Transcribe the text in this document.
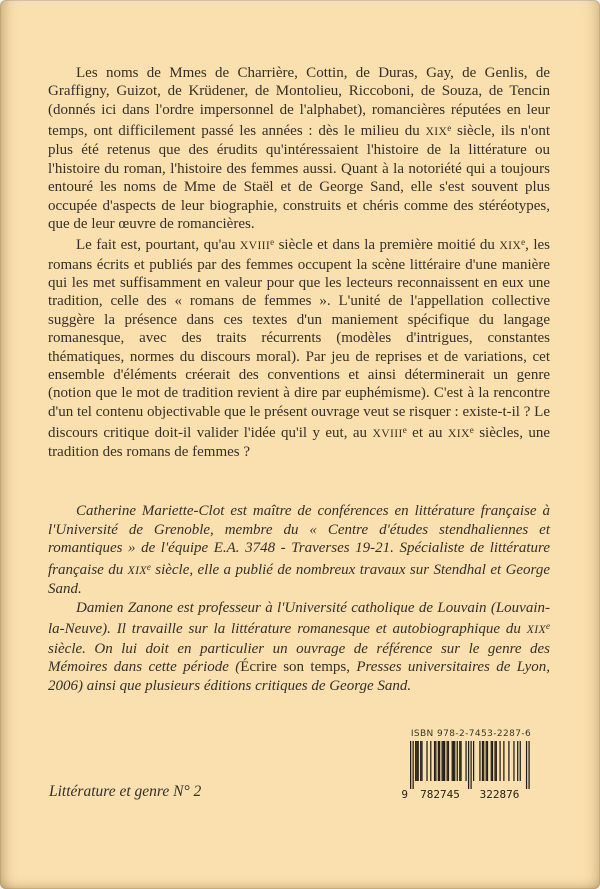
Les noms de Mmes de Charrière, Cottin, de Duras, Gay, de Genlis, de Graffigny, Guizot, de Krüdener, de Montolieu, Riccoboni, de Souza, de Tencin (donnés ici dans l'ordre impersonnel de l'alphabet), romancières réputées en leur temps, ont difficilement passé les années : dès le milieu du XIXe siècle, ils n'ont plus été retenus que des érudits qu'intéressaient l'histoire de la littérature ou l'histoire du roman, l'histoire des femmes aussi. Quant à la notoriété qui a toujours entouré les noms de Mme de Staël et de George Sand, elle s'est souvent plus occupée d'aspects de leur biographie, construits et chéris comme des stéréotypes, que de leur œuvre de romancières.

Le fait est, pourtant, qu'au XVIIIe siècle et dans la première moitié du XIXe, les romans écrits et publiés par des femmes occupent la scène littéraire d'une manière qui les met suffisamment en valeur pour que les lecteurs reconnaissent en eux une tradition, celle des « romans de femmes ». L'unité de l'appellation collective suggère la présence dans ces textes d'un maniement spécifique du langage romanesque, avec des traits récurrents (modèles d'intrigues, constantes thématiques, normes du discours moral). Par jeu de reprises et de variations, cet ensemble d'éléments créerait des conventions et ainsi déterminerait un genre (notion que le mot de tradition revient à dire par euphémisme). C'est à la rencontre d'un tel contenu objectivable que le présent ouvrage veut se risquer : existe-t-il ? Le discours critique doit-il valider l'idée qu'il y eut, au XVIIIe et au XIXe siècles, une tradition des romans de femmes ?

Catherine Mariette-Clot est maître de conférences en littérature française à l'Université de Grenoble, membre du « Centre d'études stendhaliennes et romantiques » de l'équipe E.A. 3748 - Traverses 19-21. Spécialiste de littérature française du XIXe siècle, elle a publié de nombreux travaux sur Stendhal et George Sand.

Damien Zanone est professeur à l'Université catholique de Louvain (Louvain-la-Neuve). Il travaille sur la littérature romanesque et autobiographique du XIXe siècle. On lui doit en particulier un ouvrage de référence sur le genre des Mémoires dans cette période (Écrire son temps, Presses universitaires de Lyon, 2006) ainsi que plusieurs éditions critiques de George Sand.

Littérature et genre N° 2
ISBN 978-2-7453-2287-6
9 782745 322876
